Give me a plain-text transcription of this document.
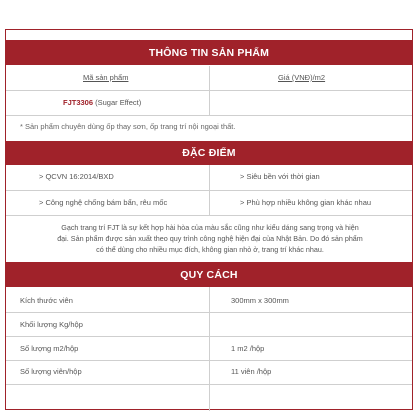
THÔNG TIN SẢN PHẨM
Mã sản phẩm	Giá (VNĐ)/m2
FJT3306 (Sugar Effect)
* Sản phẩm chuyên dùng ốp thay sơn, ốp trang trí nội ngoại thất.
ĐẶC ĐIỂM
> QCVN 16:2014/BXD	> Siêu bền với thời gian
> Công nghệ chống bám bẩn, rêu mốc	> Phù hợp nhiều không gian khác nhau
Gạch trang trí FJT là sự kết hợp hài hòa của màu sắc cũng như kiểu dáng sang trọng và hiện
đại. Sản phẩm được sản xuất theo quy trình công nghệ hiện đại của Nhật Bản. Do đó sản phẩm
có thể dùng cho nhiều mục đích, không gian nhỏ ở, trang trí khác nhau.
QUY CÁCH
Kích thước viên	300mm x 300mm
Khối lượng Kg/hộp
Số lượng m2/hộp	1 m2 /hộp
Số lượng viên/hộp	11 viên /hộp
